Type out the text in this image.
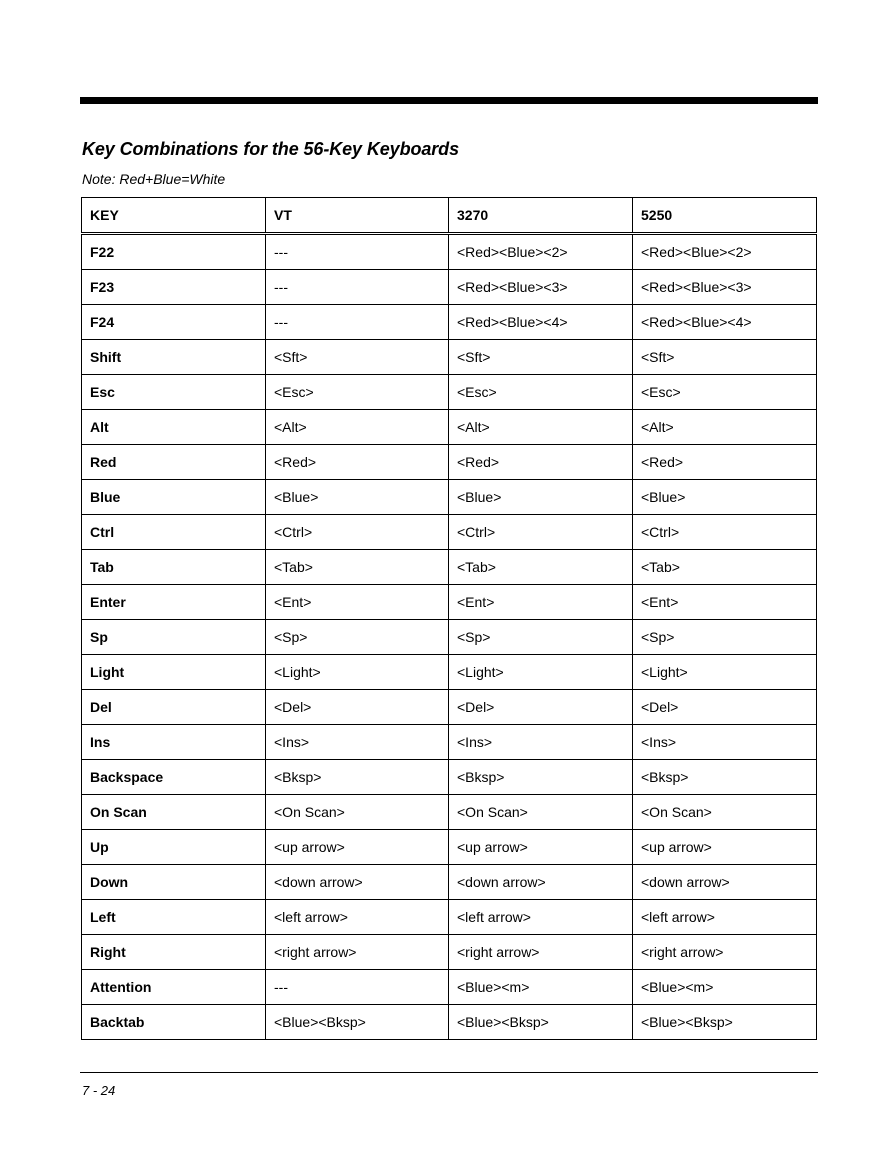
Key Combinations for the 56-Key Keyboards
Note: Red+Blue=White
KEY	VT	3270	5250
F22	---	<Red><Blue><2>	<Red><Blue><2>
F23	---	<Red><Blue><3>	<Red><Blue><3>
F24	---	<Red><Blue><4>	<Red><Blue><4>
Shift	<Sft>	<Sft>	<Sft>
Esc	<Esc>	<Esc>	<Esc>
Alt	<Alt>	<Alt>	<Alt>
Red	<Red>	<Red>	<Red>
Blue	<Blue>	<Blue>	<Blue>
Ctrl	<Ctrl>	<Ctrl>	<Ctrl>
Tab	<Tab>	<Tab>	<Tab>
Enter	<Ent>	<Ent>	<Ent>
Sp	<Sp>	<Sp>	<Sp>
Light	<Light>	<Light>	<Light>
Del	<Del>	<Del>	<Del>
Ins	<Ins>	<Ins>	<Ins>
Backspace	<Bksp>	<Bksp>	<Bksp>
On Scan	<On Scan>	<On Scan>	<On Scan>
Up	<up arrow>	<up arrow>	<up arrow>
Down	<down arrow>	<down arrow>	<down arrow>
Left	<left arrow>	<left arrow>	<left arrow>
Right	<right arrow>	<right arrow>	<right arrow>
Attention	---	<Blue><m>	<Blue><m>
Backtab	<Blue><Bksp>	<Blue><Bksp>	<Blue><Bksp>
7 - 24
